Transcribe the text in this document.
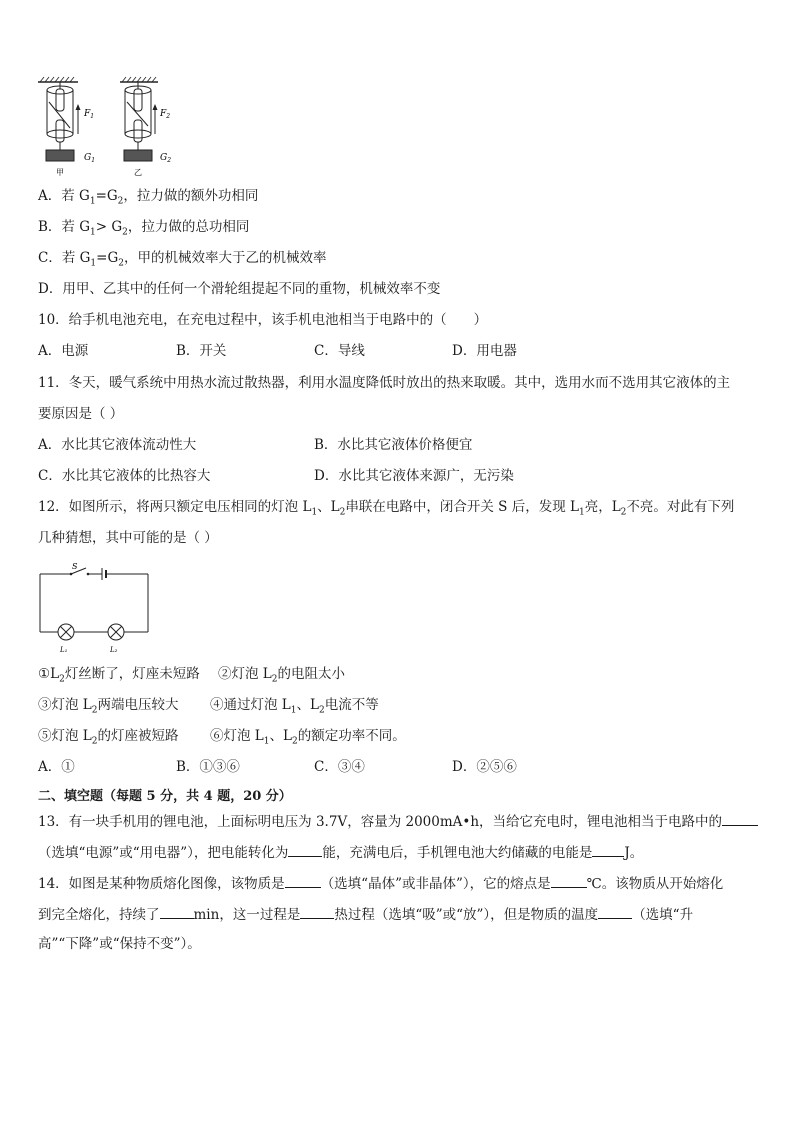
$F_1$
$G_1$
甲
$F_2$
$G_2$
乙
A．若 $G_1=G_2$，拉力做的额外功相同
B．若 $G_1> G_2$，拉力做的总功相同
C．若 $G_1=G_2$，甲的机械效率大于乙的机械效率
D．用甲、乙其中的任何一个滑轮组提起不同的重物，机械效率不变
10．给手机电池充电，在充电过程中，该手机电池相当于电路中的（　　）
A．电源	B．开关	C．导线	D．用电器
11．冬天，暖气系统中用热水流过散热器，利用水温度降低时放出的热来取暖。其中，选用水而不选用其它液体的主
要原因是（ ）
A．水比其它液体流动性大	B．水比其它液体价格便宜
C．水比其它液体的比热容大	D．水比其它液体来源广，无污染
12．如图所示，将两只额定电压相同的灯泡 $L_1$、$L_2$串联在电路中，闭合开关 S 后，发现 $L_1$亮，$L_2$不亮。对此有下列
几种猜想，其中可能的是（ ）
S
L₁	L₂
$①L_2$灯丝断了，灯座未短路 ②灯泡 $L_2$的电阻太小
③灯泡 $L_2$两端电压较大 ④通过灯泡 $L_1$、$L_2$电流不等
⑤灯泡 $L_2$的灯座被短路 ⑥灯泡 $L_1$、$L_2$的额定功率不同。
A．①	B．①③⑥	C．③④	D．②⑤⑥
二、填空题（每题 5 分，共 4 题，20 分）
13．有一块手机用的锂电池，上面标明电压为 3.7V，容量为 2000mA•h，当给它充电时，锂电池相当于电路中的
（选填“电源”或“用电器”），把电能转化为	能，充满电后，手机锂电池大约储藏的电能是 J。
14．如图是某种物质熔化图像，该物质是	（选填“晶体”或非晶体”），它的熔点是	℃。该物质从开始熔化
到完全熔化，持续了	min，这一过程是	热过程（选填“吸”或“放”），但是物质的温度	（选填“升
高”“下降”或“保持不变”）。
